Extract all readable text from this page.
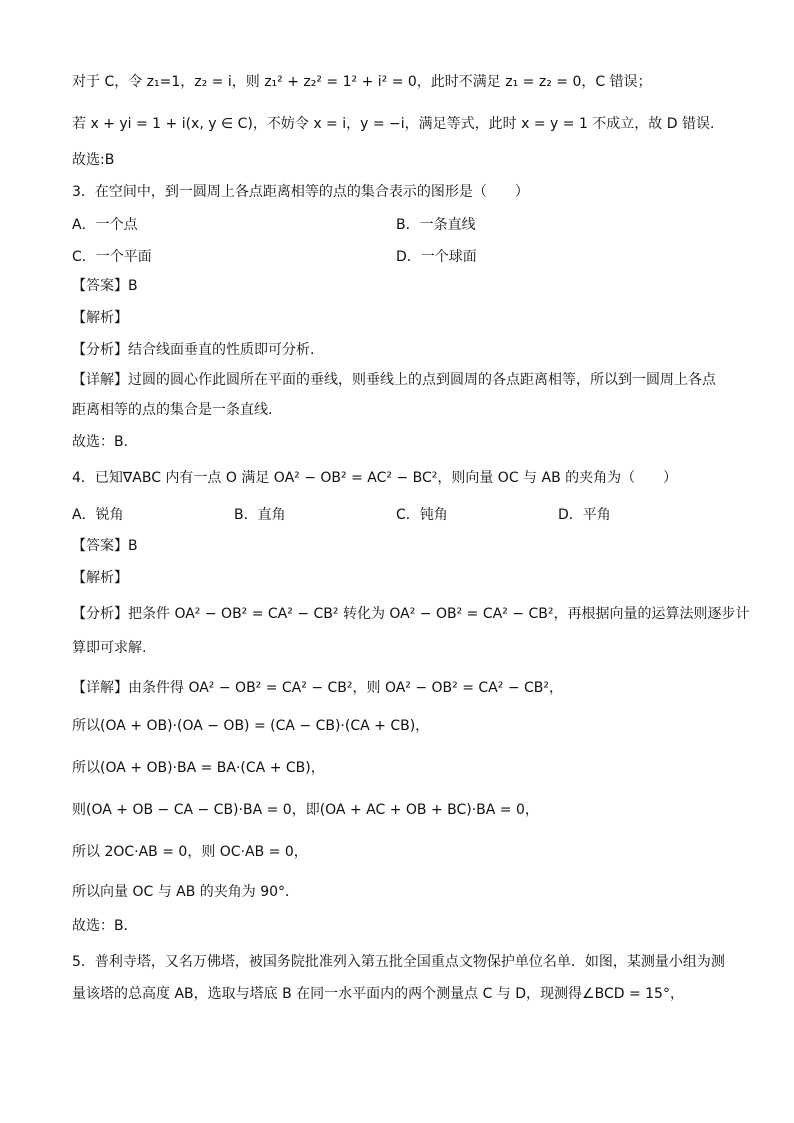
对于 C，令 z₁=1，z₂ = i，则 z₁² + z₂² = 1² + i² = 0，此时不满足 z₁ = z₂ = 0，C 错误；
若 x + yi = 1 + i(x, y ∈ C)，不妨令 x = i，y = −i，满足等式，此时 x = y = 1 不成立，故 D 错误．
故选:B
3．在空间中，到一圆周上各点距离相等的点的集合表示的图形是（　　）
A．一个点	B．一条直线
C．一个平面	D．一个球面
【答案】B
【解析】
【分析】结合线面垂直的性质即可分析.
【详解】过圆的圆心作此圆所在平面的垂线，则垂线上的点到圆周的各点距离相等，所以到一圆周上各点
距离相等的点的集合是一条直线.
故选：B.
4．已知∇ABC 内有一点 O 满足 OA² − OB² = AC² − BC²，则向量 OC 与 AB 的夹角为（　　）
A．锐角	B．直角	C．钝角	D．平角
【答案】B
【解析】
【分析】把条件 OA² − OB² = CA² − CB² 转化为 OA² − OB² = CA² − CB²，再根据向量的运算法则逐步计
算即可求解.
【详解】由条件得 OA² − OB² = CA² − CB²，则 OA² − OB² = CA² − CB²，
所以(OA + OB)·(OA − OB) = (CA − CB)·(CA + CB)，
所以(OA + OB)·BA = BA·(CA + CB)，
则(OA + OB − CA − CB)·BA = 0，即(OA + AC + OB + BC)·BA = 0，
所以 2OC·AB = 0，则 OC·AB = 0，
所以向量 OC 与 AB 的夹角为 90°．
故选：B．
5．普利寺塔，又名万佛塔，被国务院批准列入第五批全国重点文物保护单位名单．如图，某测量小组为测
量该塔的总高度 AB，选取与塔底 B 在同一水平面内的两个测量点 C 与 D，现测得∠BCD = 15°，
